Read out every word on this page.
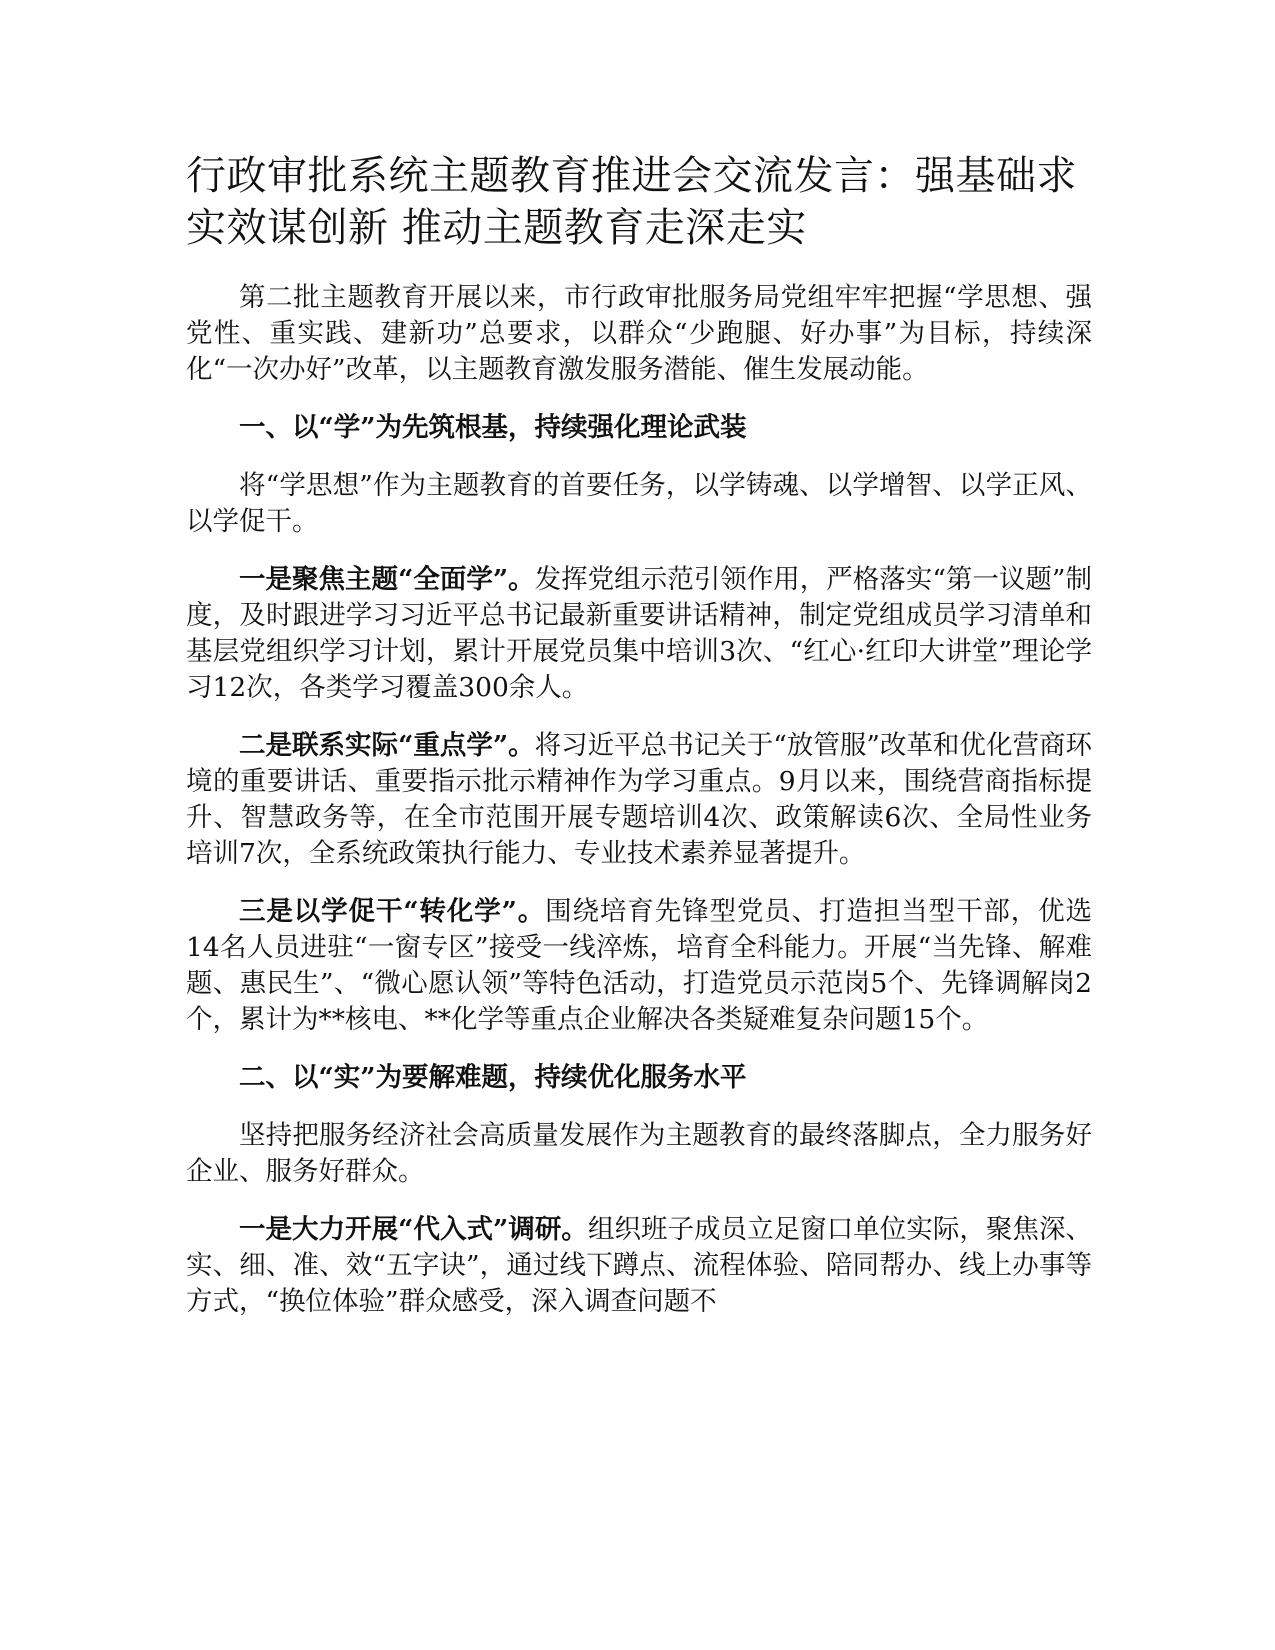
行政审批系统主题教育推进会交流发言：强基础求实效谋创新 推动主题教育走深走实

第二批主题教育开展以来，市行政审批服务局党组牢牢把握“学思想、强党性、重实践、建新功”总要求，以群众“少跑腿、好办事”为目标，持续深化“一次办好”改革，以主题教育激发服务潜能、催生发展动能。

一、以“学”为先筑根基，持续强化理论武装

将“学思想”作为主题教育的首要任务，以学铸魂、以学增智、以学正风、以学促干。

一是聚焦主题“全面学”。发挥党组示范引领作用，严格落实“第一议题”制度，及时跟进学习习近平总书记最新重要讲话精神，制定党组成员学习清单和基层党组织学习计划，累计开展党员集中培训3次、“红心·红印大讲堂”理论学习12次，各类学习覆盖300余人。

二是联系实际“重点学”。将习近平总书记关于“放管服”改革和优化营商环境的重要讲话、重要指示批示精神作为学习重点。9月以来，围绕营商指标提升、智慧政务等，在全市范围开展专题培训4次、政策解读6次、全局性业务培训7次，全系统政策执行能力、专业技术素养显著提升。

三是以学促干“转化学”。围绕培育先锋型党员、打造担当型干部，优选14名人员进驻“一窗专区”接受一线淬炼，培育全科能力。开展“当先锋、解难题、惠民生”、“微心愿认领”等特色活动，打造党员示范岗5个、先锋调解岗2个，累计为**核电、**化学等重点企业解决各类疑难复杂问题15个。

二、以“实”为要解难题，持续优化服务水平

坚持把服务经济社会高质量发展作为主题教育的最终落脚点，全力服务好企业、服务好群众。

一是大力开展“代入式”调研。组织班子成员立足窗口单位实际，聚焦深、实、细、准、效“五字诀”，通过线下蹲点、流程体验、陪同帮办、线上办事等方式，“换位体验”群众感受，深入调查问题不
